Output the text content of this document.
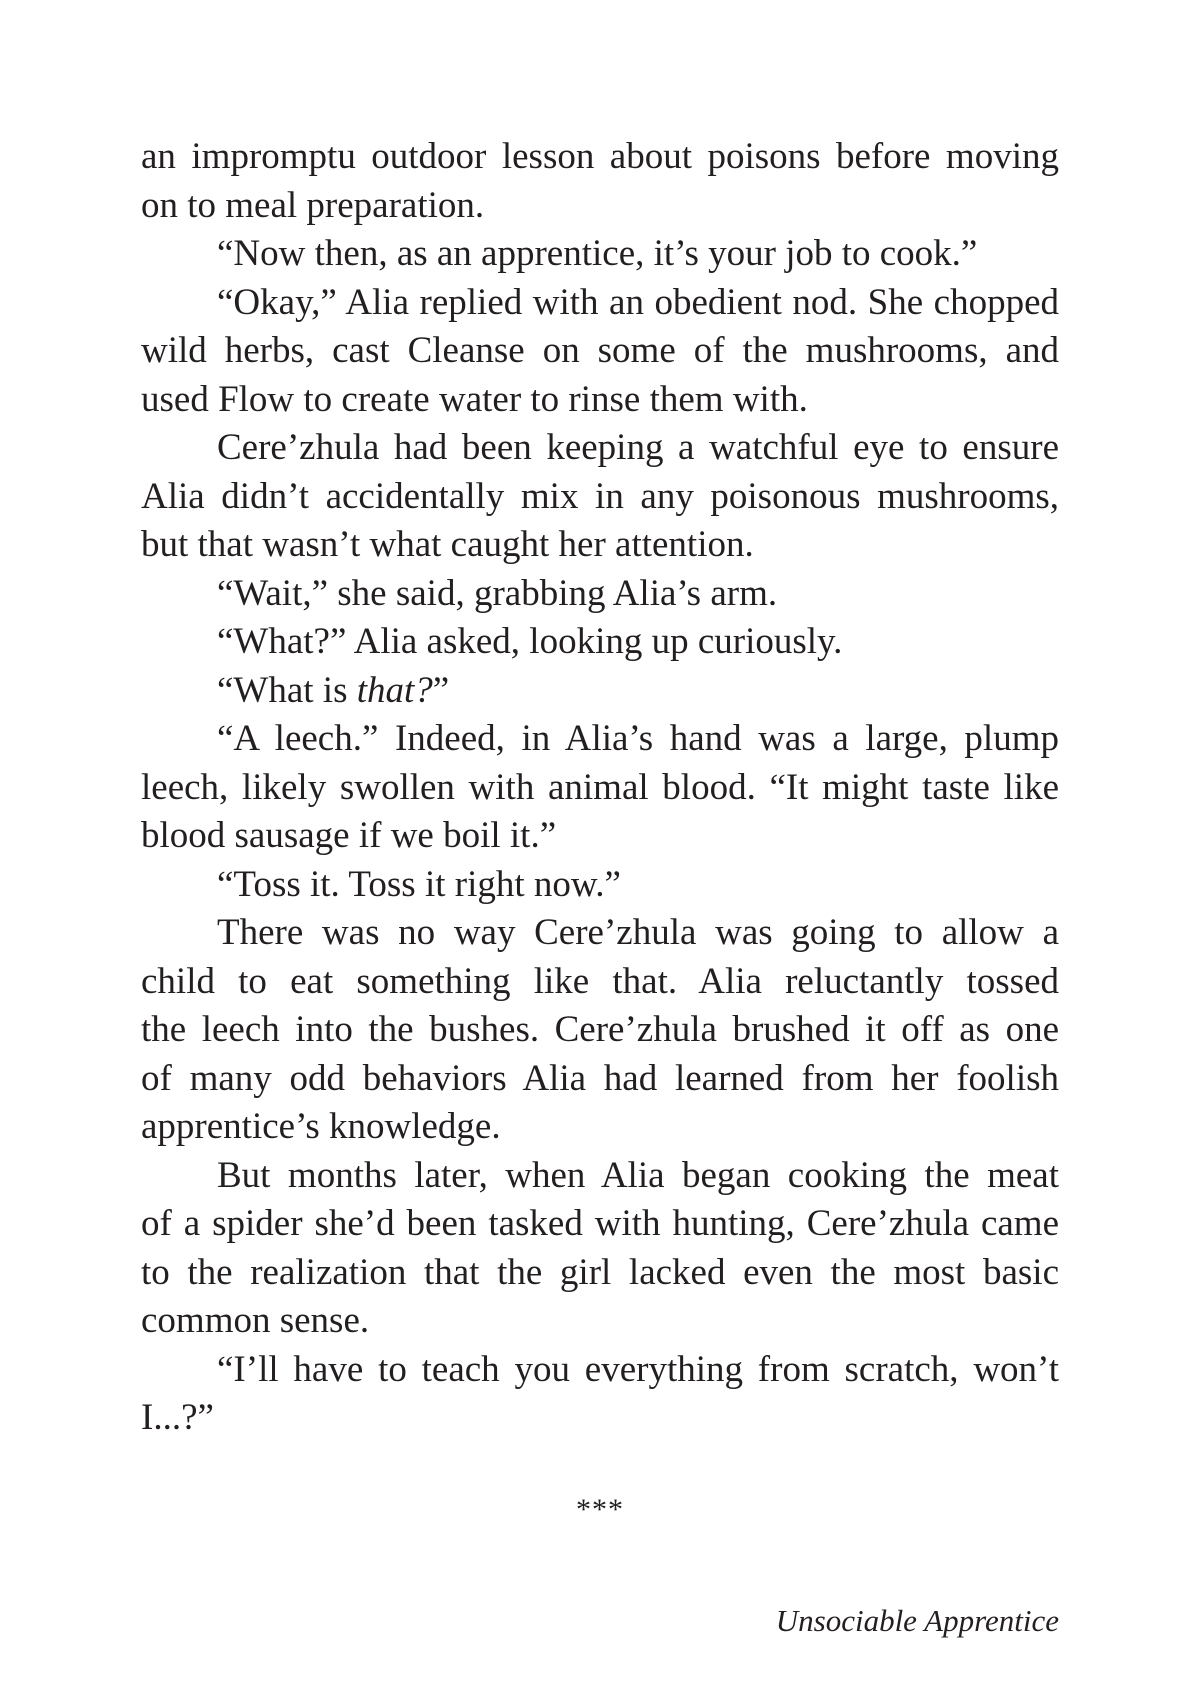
an impromptu outdoor lesson about poisons before moving
on to meal preparation.
“Now then, as an apprentice, it’s your job to cook.”
“Okay,” Alia replied with an obedient nod. She chopped
wild herbs, cast Cleanse on some of the mushrooms, and
used Flow to create water to rinse them with.
Cere’zhula had been keeping a watchful eye to ensure
Alia didn’t accidentally mix in any poisonous mushrooms,
but that wasn’t what caught her attention.
“Wait,” she said, grabbing Alia’s arm.
“What?” Alia asked, looking up curiously.
“What is that?”
“A leech.” Indeed, in Alia’s hand was a large, plump
leech, likely swollen with animal blood. “It might taste like
blood sausage if we boil it.”
“Toss it. Toss it right now.”
There was no way Cere’zhula was going to allow a
child to eat something like that. Alia reluctantly tossed
the leech into the bushes. Cere’zhula brushed it off as one
of many odd behaviors Alia had learned from her foolish
apprentice’s knowledge.
But months later, when Alia began cooking the meat
of a spider she’d been tasked with hunting, Cere’zhula came
to the realization that the girl lacked even the most basic
common sense.
“I’ll have to teach you everything from scratch, won’t
I...?”
***
Unsociable Apprentice
